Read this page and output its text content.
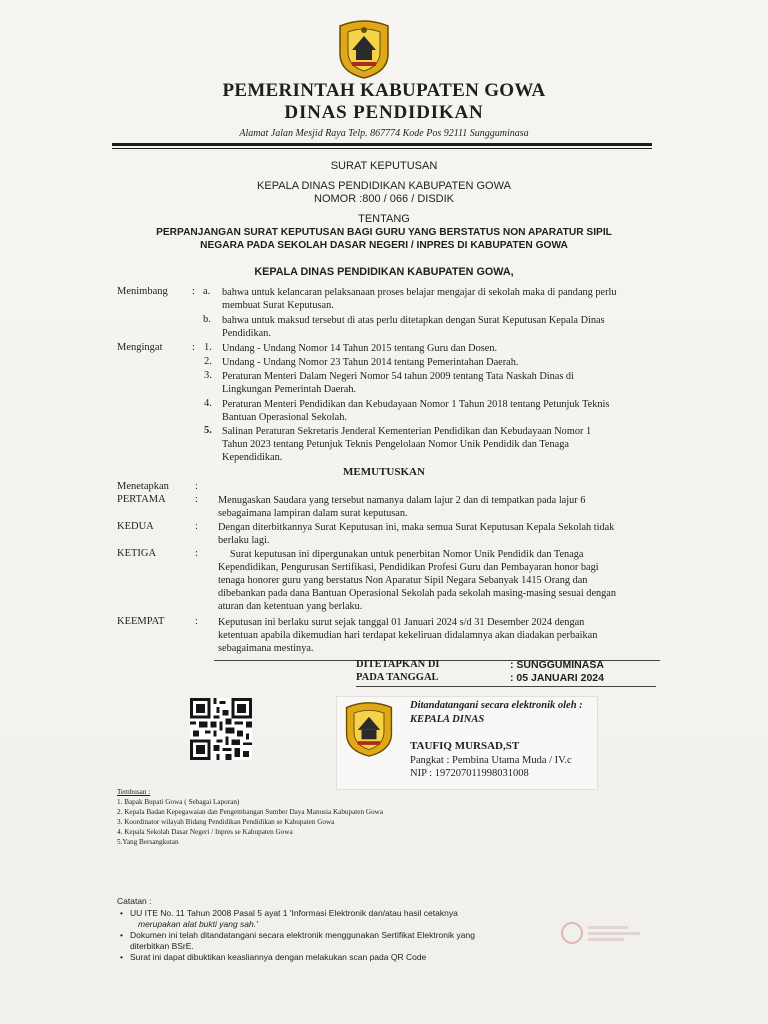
PEMERINTAH KABUPATEN GOWA
DINAS PENDIDIKAN
Alamat Jalan Mesjid Raya Telp. 867774 Kode Pos 92111 Sungguminasa
SURAT KEPUTUSAN
KEPALA DINAS PENDIDIKAN KABUPATEN GOWA
NOMOR :800 / 066 / DISDIK
TENTANG
PERPANJANGAN SURAT KEPUTUSAN BAGI GURU YANG BERSTATUS NON APARATUR SIPIL
NEGARA PADA SEKOLAH DASAR NEGERI / INPRES DI KABUPATEN GOWA
KEPALA DINAS PENDIDIKAN KABUPATEN GOWA,
Menimbang : a. bahwa untuk kelancaran pelaksanaan proses belajar mengajar di sekolah maka di pandang perlu
membuat Surat Keputusan.
b. bahwa untuk maksud tersebut di atas perlu ditetapkan dengan Surat Keputusan Kepala Dinas
Pendidikan.
Mengingat	: 1. Undang - Undang Nomor 14 Tahun 2015 tentang Guru dan Dosen.
2. Undang - Undang Nomor 23 Tahun 2014 tentang Pemerintahan Daerah.
3. Peraturan Menteri Dalam Negeri Nomor 54 tahun 2009 tentang Tata Naskah Dinas di
Lingkungan Pemerintah Daerah.
4. Peraturan Menteri Pendidikan dan Kebudayaan Nomor 1 Tahun 2018 tentang Petunjuk Teknis
Bantuan Operasional Sekolah.
5. Salinan Peraturan Sekretaris Jenderal Kementerian Pendidikan dan Kebudayaan Nomor 1
Tahun 2023 tentang Petunjuk Teknis Pengelolaan Nomor Unik Pendidik dan Tenaga
Kependidikan.
MEMUTUSKAN
Menetapkan :
PERTAMA	: Menugaskan Saudara yang tersebut namanya dalam lajur 2 dan di tempatkan pada lajur 6
sebagaimana lampiran dalam surat keputusan.
KEDUA	: Dengan diterbitkannya Surat Keputusan ini, maka semua Surat Keputusan Kepala Sekolah tidak
berlaku lagi.
KETIGA	:	Surat keputusan ini dipergunakan untuk penerbitan Nomor Unik Pendidik dan Tenaga
Kependidikan, Pengurusan Sertifikasi, Pendidikan Profesi Guru dan Pembayaran honor bagi
tenaga honorer guru yang berstatus Non Aparatur Sipil Negara Sebanyak 1415 Orang dan
dibebankan pada dana Bantuan Operasional Sekolah pada sekolah masing-masing sesuai dengan
aturan dan ketentuan yang berlaku.
KEEMPAT	: Keputusan ini berlaku surut sejak tanggal 01 Januari 2024 s/d 31 Desember 2024 dengan
ketentuan apabila dikemudian hari terdapat kekeliruan didalamnya akan diadakan perbaikan
sebagaimana mestinya.
DITETAPKAN DI	: SUNGGUMINASA
PADA TANGGAL	: 05 JANUARI 2024
Ditandatangani secara elektronik oleh :
KEPALA DINAS
TAUFIQ MURSAD,ST
Pangkat : Pembina Utama Muda / IV.c
NIP : 197207011998031008
Tembusan :
1. Bapak Bupati Gowa ( Sebagai Laporan)
2. Kepala Badan Kepegawaian dan Pengembangan Sumber Daya Manusia Kabupaten Gowa
3. Koordinator wilayah Bidang Pendidikan Pendidikan se Kabupaten Gowa
4. Kepala Sekolah Dasar Negeri / Inpres se Kabupaten Gowa
5.Yang Bersangkutan
Catatan :
• UU ITE No. 11 Tahun 2008 Pasal 5 ayat 1 'Informasi Elektronik dan/atau hasil cetaknya
merupakan alat bukti yang sah.'
• Dokumen ini telah ditandatangani secara elektronik menggunakan Sertifikat Elektronik yang
diterbitkan BSrE.
• Surat ini dapat dibuktikan keasliannya dengan melakukan scan pada QR Code
